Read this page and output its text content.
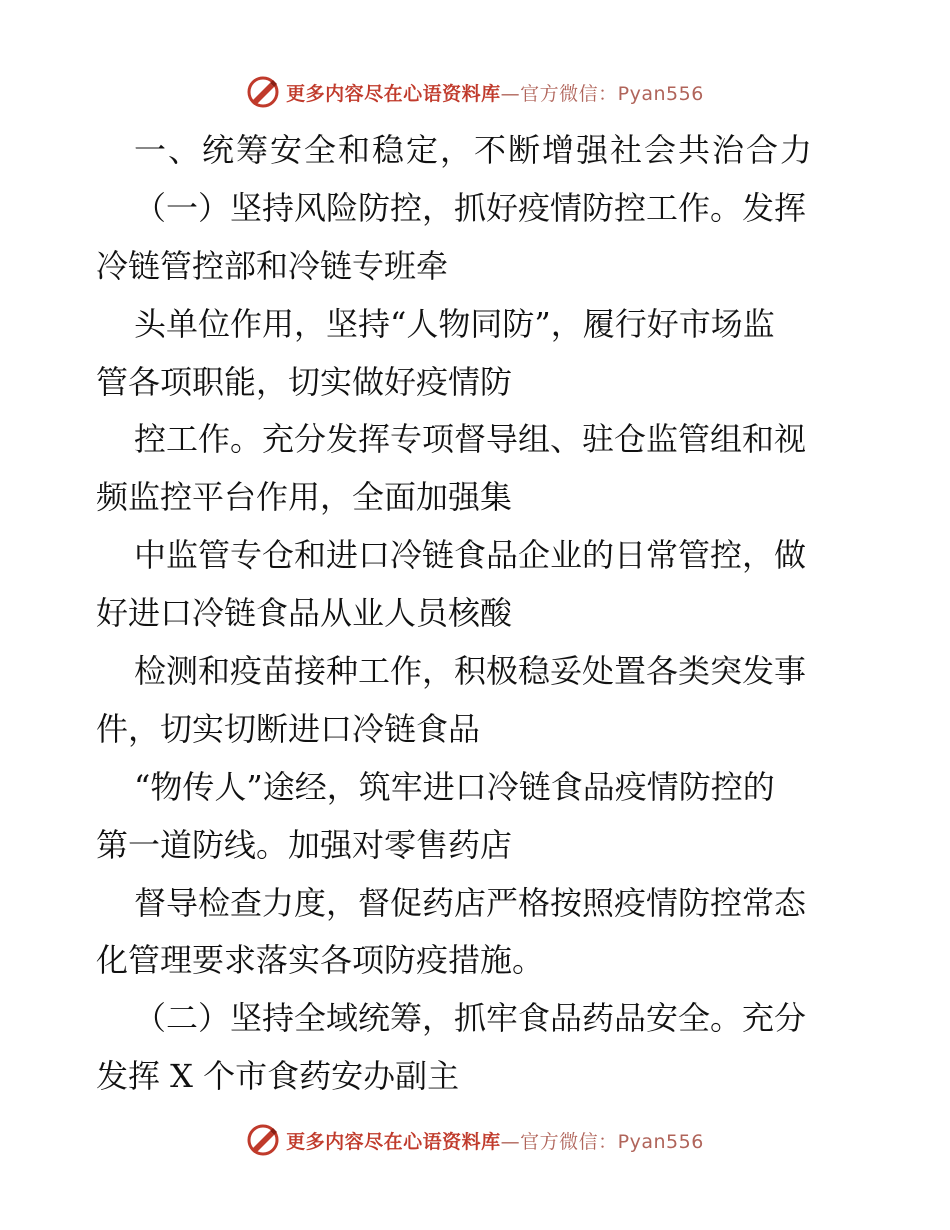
更多内容尽在心语资料库—官方微信：Pyan556
一、统筹安全和稳定，不断增强社会共治合力
（一）坚持风险防控，抓好疫情防控工作。发挥
冷链管控部和冷链专班牵
头单位作用，坚持“人物同防”，履行好市场监
管各项职能，切实做好疫情防
控工作。充分发挥专项督导组、驻仓监管组和视
频监控平台作用，全面加强集
中监管专仓和进口冷链食品企业的日常管控，做
好进口冷链食品从业人员核酸
检测和疫苗接种工作，积极稳妥处置各类突发事
件，切实切断进口冷链食品
“物传人”途经，筑牢进口冷链食品疫情防控的
第一道防线。加强对零售药店
督导检查力度，督促药店严格按照疫情防控常态
化管理要求落实各项防疫措施。
（二）坚持全域统筹，抓牢食品药品安全。充分
发挥 X 个市食药安办副主
更多内容尽在心语资料库—官方微信：Pyan556
